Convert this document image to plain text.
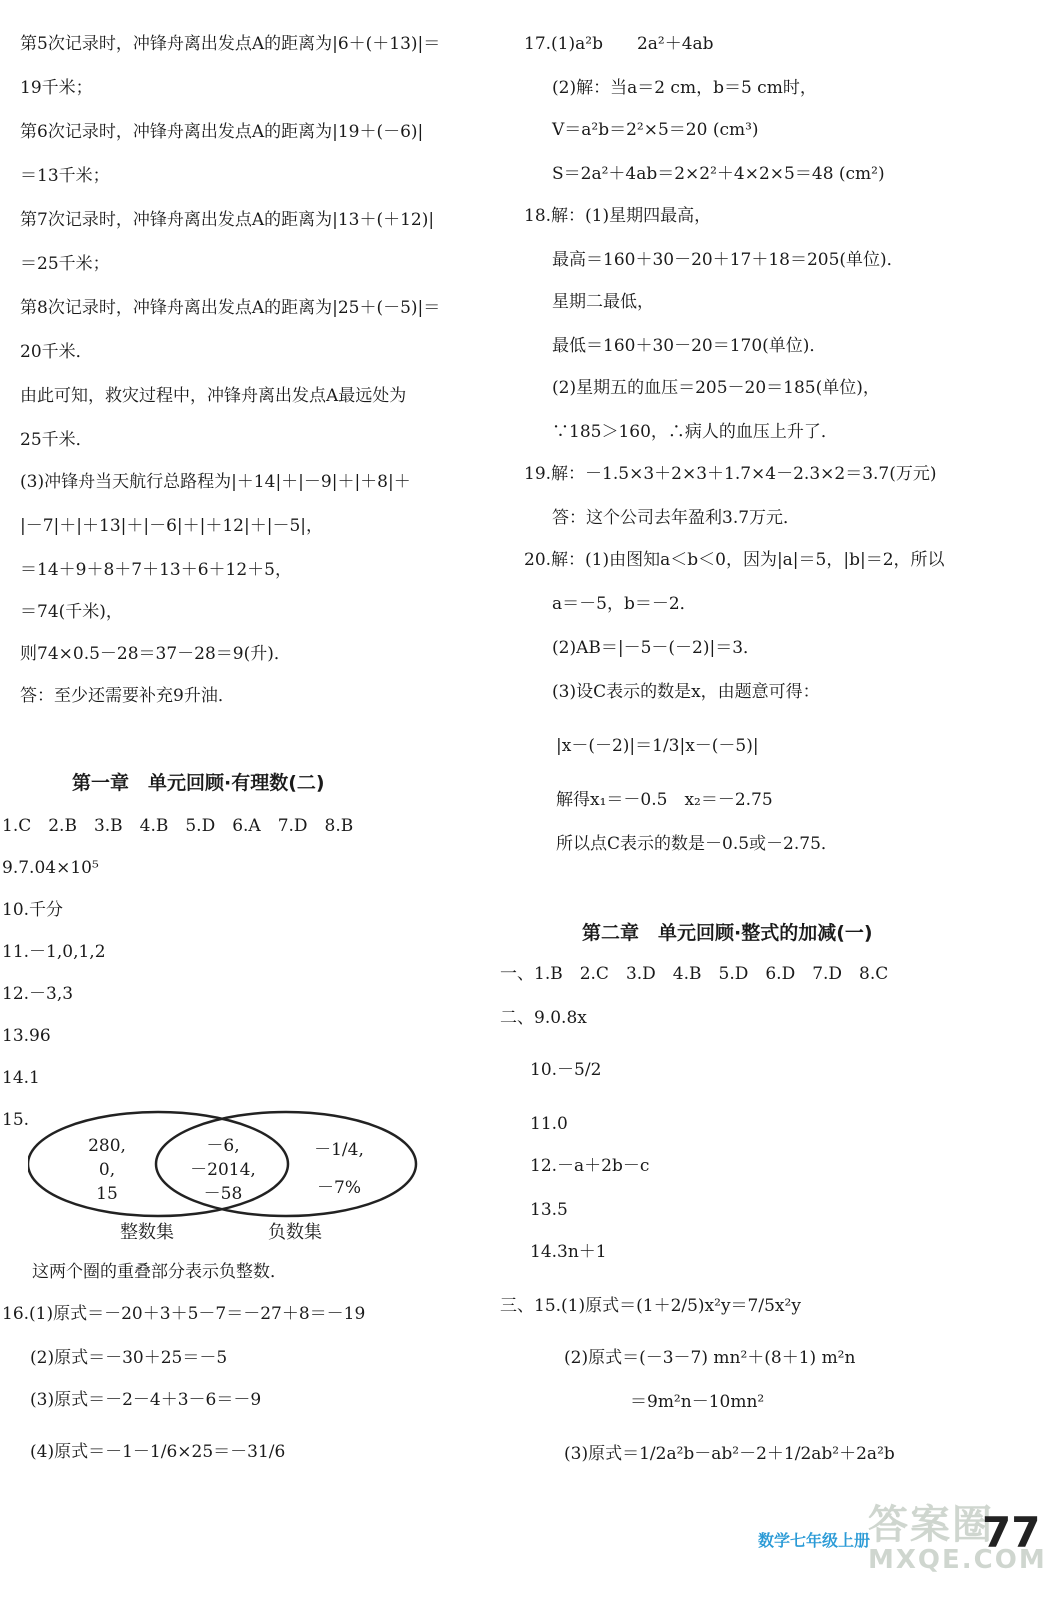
第5次记录时，冲锋舟离出发点A的距离为|6＋(＋13)|＝
19千米；
第6次记录时，冲锋舟离出发点A的距离为|19＋(－6)|
＝13千米；
第7次记录时，冲锋舟离出发点A的距离为|13＋(＋12)|
＝25千米；
第8次记录时，冲锋舟离出发点A的距离为|25＋(－5)|＝
20千米．
由此可知，救灾过程中，冲锋舟离出发点A最远处为
25千米．
(3)冲锋舟当天航行总路程为|＋14|＋|－9|＋|＋8|＋
|－7|＋|＋13|＋|－6|＋|＋12|＋|－5|，
＝14＋9＋8＋7＋13＋6＋12＋5，
＝74(千米)，
则74×0.5－28＝37－28＝9(升)．
答：至少还需要补充9升油．
第一章　单元回顾·有理数(二)
1.C　2.B　3.B　4.B　5.D　6.A　7.D　8.B
9.7.04×10⁵
10.千分
11.－1,0,1,2
12.－3,3
13.96
14.1
15.
280,
0,
15
－6,
－2014,
－58
－1/4,
－7%
整数集	负数集
这两个圈的重叠部分表示负整数．
16.(1)原式＝－20＋3＋5－7＝－27＋8＝－19
(2)原式＝－30＋25＝－5
(3)原式＝－2－4＋3－6＝－9
(4)原式＝－1－1/6×25＝－31/6
17.(1)a²b　　2a²＋4ab
(2)解：当a＝2 cm，b＝5 cm时，
V＝a²b＝2²×5＝20 (cm³)
S＝2a²＋4ab＝2×2²＋4×2×5＝48 (cm²)
18.解：(1)星期四最高，
最高＝160＋30－20＋17＋18＝205(单位)．
星期二最低，
最低＝160＋30－20＝170(单位)．
(2)星期五的血压＝205－20＝185(单位)，
∵185＞160，∴病人的血压上升了．
19.解：－1.5×3＋2×3＋1.7×4－2.3×2＝3.7(万元)
答：这个公司去年盈利3.7万元．
20.解：(1)由图知a＜b＜0，因为|a|＝5，|b|＝2，所以
a＝－5，b＝－2．
(2)AB＝|－5－(－2)|＝3．
(3)设C表示的数是x，由题意可得：
|x－(－2)|＝1/3|x－(－5)|
解得x₁＝－0.5　x₂＝－2.75
所以点C表示的数是－0.5或－2.75．
第二章　单元回顾·整式的加减(一)
一、1.B　2.C　3.D　4.B　5.D　6.D　7.D　8.C
二、9.0.8x
10.－5/2
11.0
12.－a＋2b－c
13.5
14.3n＋1
三、15.(1)原式＝(1＋2/5)x²y＝7/5x²y
(2)原式＝(－3－7) mn²＋(8＋1) m²n
＝9m²n－10mn²
(3)原式＝1/2a²b－ab²－2＋1/2ab²＋2a²b
答案圈
MXQE.COM
数学七年级上册	77
